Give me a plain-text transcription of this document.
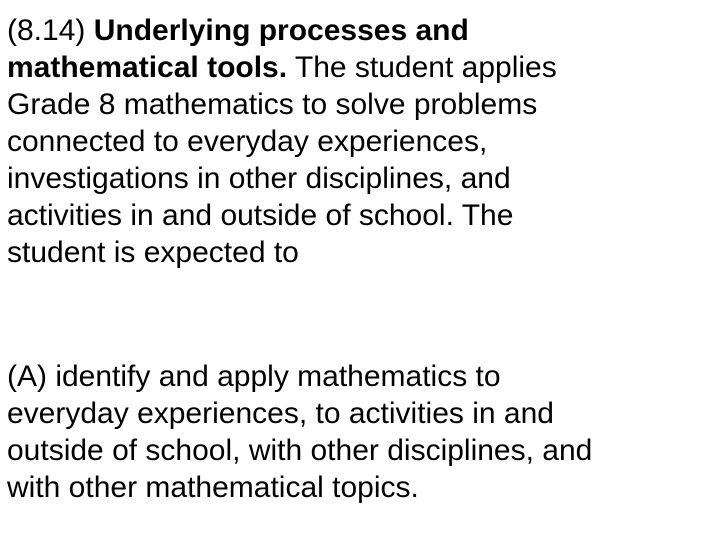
(8.14) Underlying processes and
mathematical tools. The student applies
Grade 8 mathematics to solve problems
connected to everyday experiences,
investigations in other disciplines, and
activities in and outside of school. The
student is expected to

(A) identify and apply mathematics to
everyday experiences, to activities in and
outside of school, with other disciplines, and
with other mathematical topics.
